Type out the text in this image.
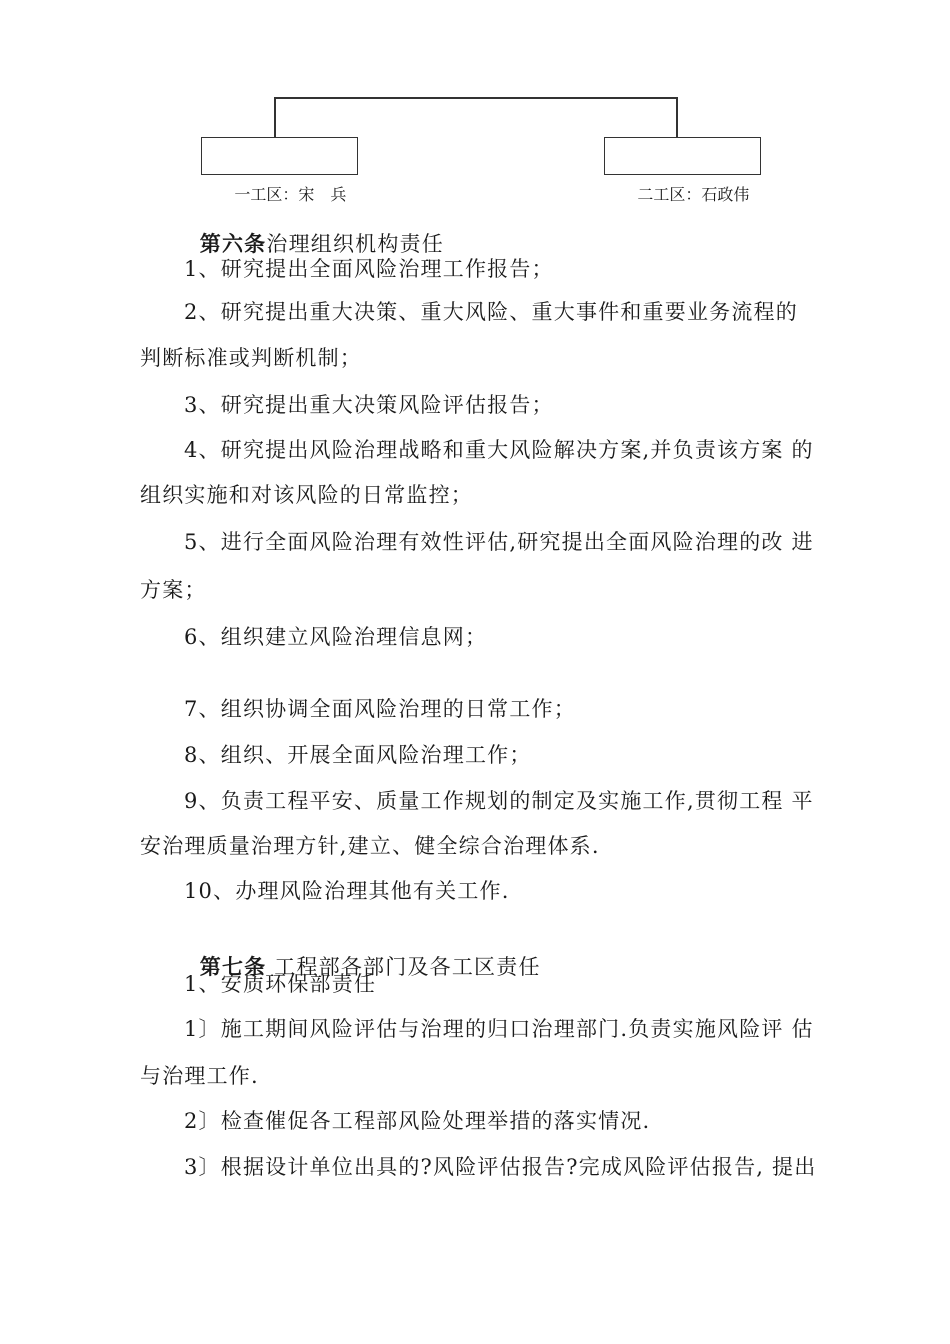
一工区：宋　兵
	二工区：石政伟

第六条治理组织机构责任

1、研究提出全面风险治理工作报告；
2、研究提出重大决策、重大风险、重大事件和重要业务流程的
判断标准或判断机制；
3、研究提出重大决策风险评估报告；
4、研究提出风险治理战略和重大风险解决方案,并负责该方案 的
组织实施和对该风险的日常监控；
5、进行全面风险治理有效性评估,研究提出全面风险治理的改 进
方案；
6、组织建立风险治理信息网；
7、组织协调全面风险治理的日常工作；
8、组织、开展全面风险治理工作；
9、负责工程平安、质量工作规划的制定及实施工作,贯彻工程 平
安治理质量治理方针,建立、健全综合治理体系.
10、办理风险治理其他有关工作.

第七条 工程部各部门及各工区责任

1、安质环保部责任
1〕施工期间风险评估与治理的归口治理部门.负责实施风险评 估
与治理工作.
2〕检查催促各工程部风险处理举措的落实情况.
3〕根据设计单位出具的?风险评估报告?完成风险评估报告, 提出
